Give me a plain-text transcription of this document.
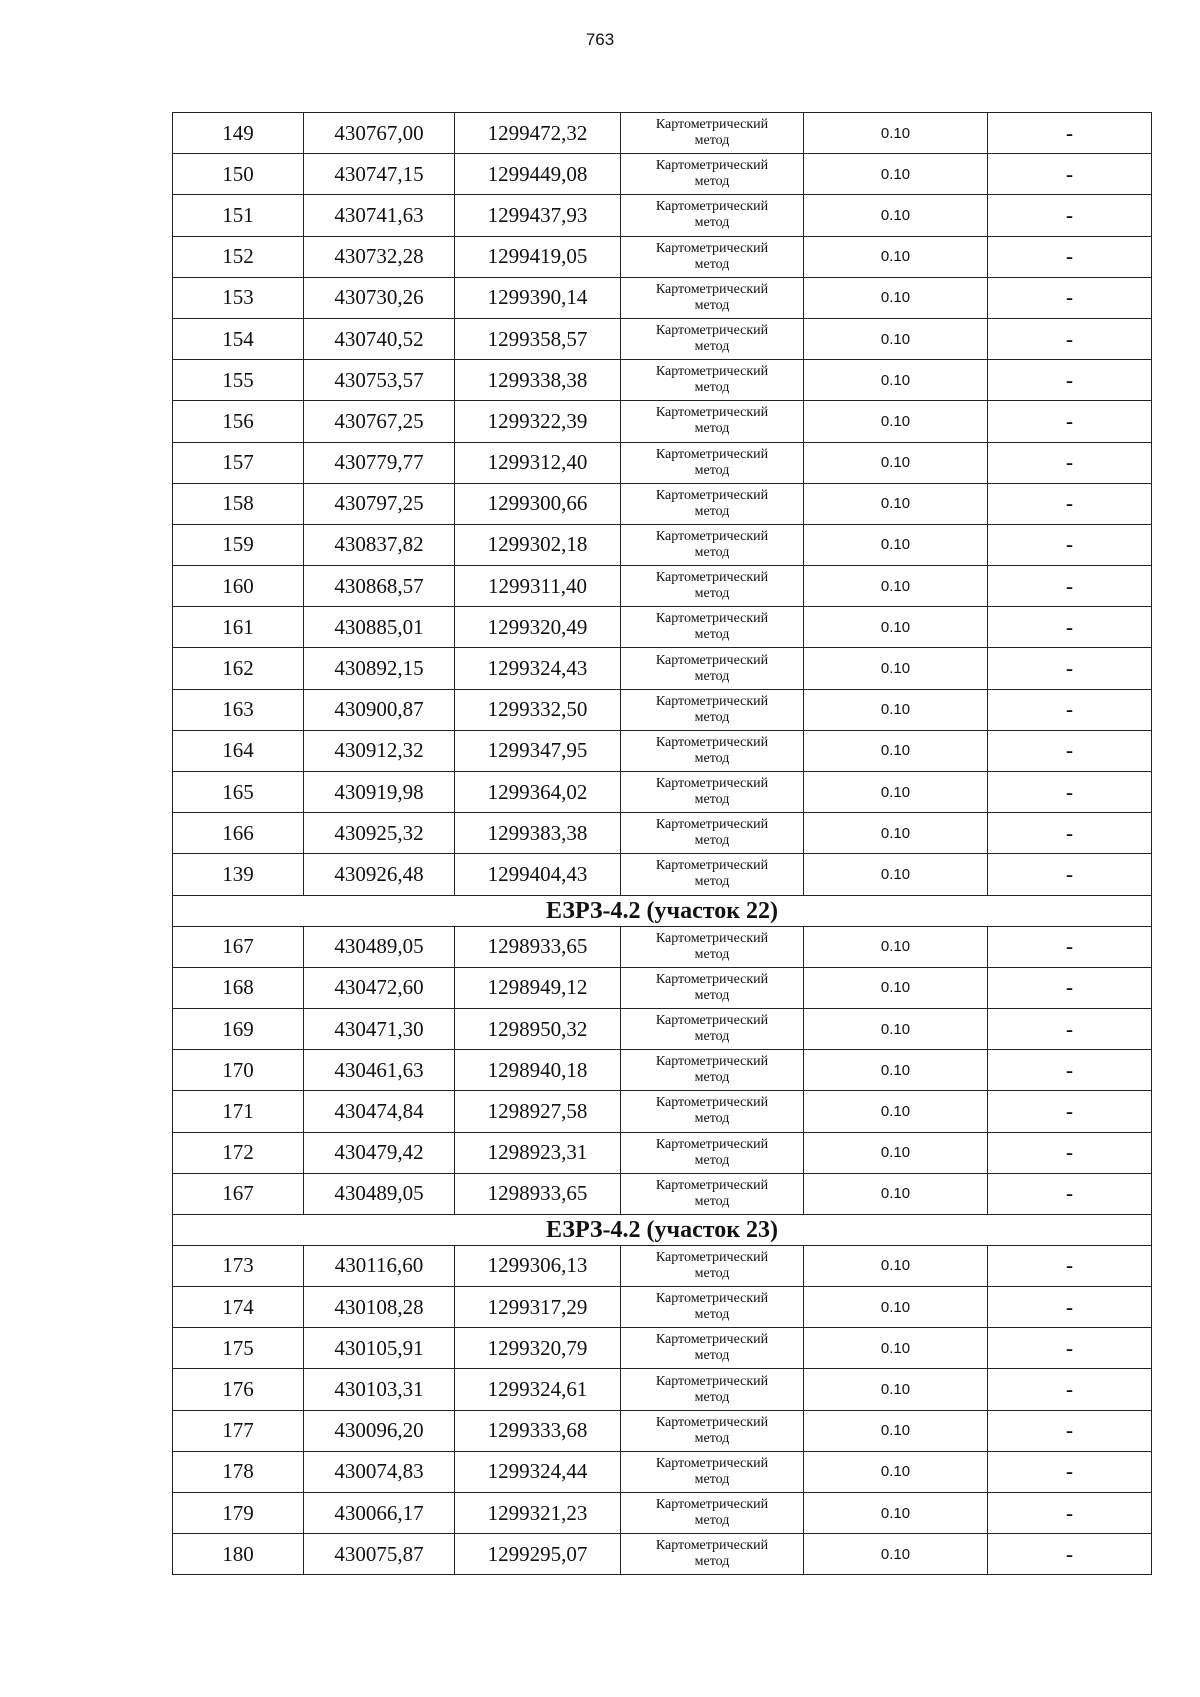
763
149	430767,00	1299472,32	Картометрический метод	0.10	-
150	430747,15	1299449,08	Картометрический метод	0.10	-
151	430741,63	1299437,93	Картометрический метод	0.10	-
152	430732,28	1299419,05	Картометрический метод	0.10	-
153	430730,26	1299390,14	Картометрический метод	0.10	-
154	430740,52	1299358,57	Картометрический метод	0.10	-
155	430753,57	1299338,38	Картометрический метод	0.10	-
156	430767,25	1299322,39	Картометрический метод	0.10	-
157	430779,77	1299312,40	Картометрический метод	0.10	-
158	430797,25	1299300,66	Картометрический метод	0.10	-
159	430837,82	1299302,18	Картометрический метод	0.10	-
160	430868,57	1299311,40	Картометрический метод	0.10	-
161	430885,01	1299320,49	Картометрический метод	0.10	-
162	430892,15	1299324,43	Картометрический метод	0.10	-
163	430900,87	1299332,50	Картометрический метод	0.10	-
164	430912,32	1299347,95	Картометрический метод	0.10	-
165	430919,98	1299364,02	Картометрический метод	0.10	-
166	430925,32	1299383,38	Картометрический метод	0.10	-
139	430926,48	1299404,43	Картометрический метод	0.10	-
ЕЗРЗ-4.2 (участок 22)					
167	430489,05	1298933,65	Картометрический метод	0.10	-
168	430472,60	1298949,12	Картометрический метод	0.10	-
169	430471,30	1298950,32	Картометрический метод	0.10	-
170	430461,63	1298940,18	Картометрический метод	0.10	-
171	430474,84	1298927,58	Картометрический метод	0.10	-
172	430479,42	1298923,31	Картометрический метод	0.10	-
167	430489,05	1298933,65	Картометрический метод	0.10	-
ЕЗРЗ-4.2 (участок 23)					
173	430116,60	1299306,13	Картометрический метод	0.10	-
174	430108,28	1299317,29	Картометрический метод	0.10	-
175	430105,91	1299320,79	Картометрический метод	0.10	-
176	430103,31	1299324,61	Картометрический метод	0.10	-
177	430096,20	1299333,68	Картометрический метод	0.10	-
178	430074,83	1299324,44	Картометрический метод	0.10	-
179	430066,17	1299321,23	Картометрический метод	0.10	-
180	430075,87	1299295,07	Картометрический метод	0.10	-
